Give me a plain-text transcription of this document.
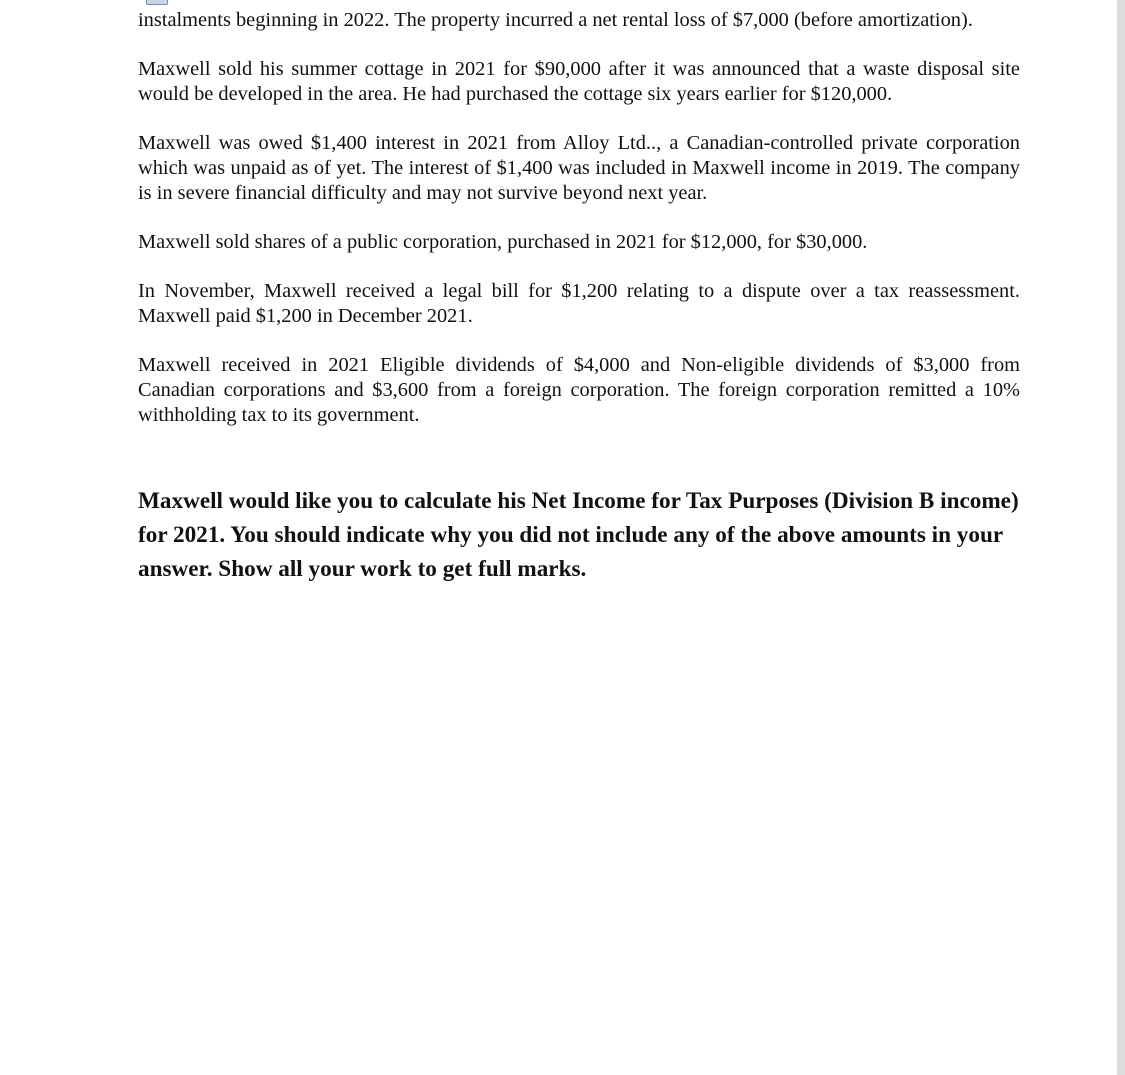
instalments beginning in 2022. The property incurred a net rental loss of $7,000 (before amortization).

Maxwell sold his summer cottage in 2021 for $90,000 after it was announced that a waste disposal site would be developed in the area. He had purchased the cottage six years earlier for $120,000.

Maxwell was owed $1,400 interest in 2021 from Alloy Ltd.., a Canadian-controlled private corporation which was unpaid as of yet. The interest of $1,400 was included in Maxwell income in 2019. The company is in severe financial difficulty and may not survive beyond next year.

Maxwell sold shares of a public corporation, purchased in 2021 for $12,000, for $30,000.

In November, Maxwell received a legal bill for $1,200 relating to a dispute over a tax reassessment. Maxwell paid $1,200 in December 2021.

Maxwell received in 2021 Eligible dividends of $4,000 and Non-eligible dividends of $3,000 from Canadian corporations and $3,600 from a foreign corporation. The foreign corporation remitted a 10% withholding tax to its government.

Maxwell would like you to calculate his Net Income for Tax Purposes (Division B income) for 2021. You should indicate why you did not include any of the above amounts in your answer. Show all your work to get full marks.
